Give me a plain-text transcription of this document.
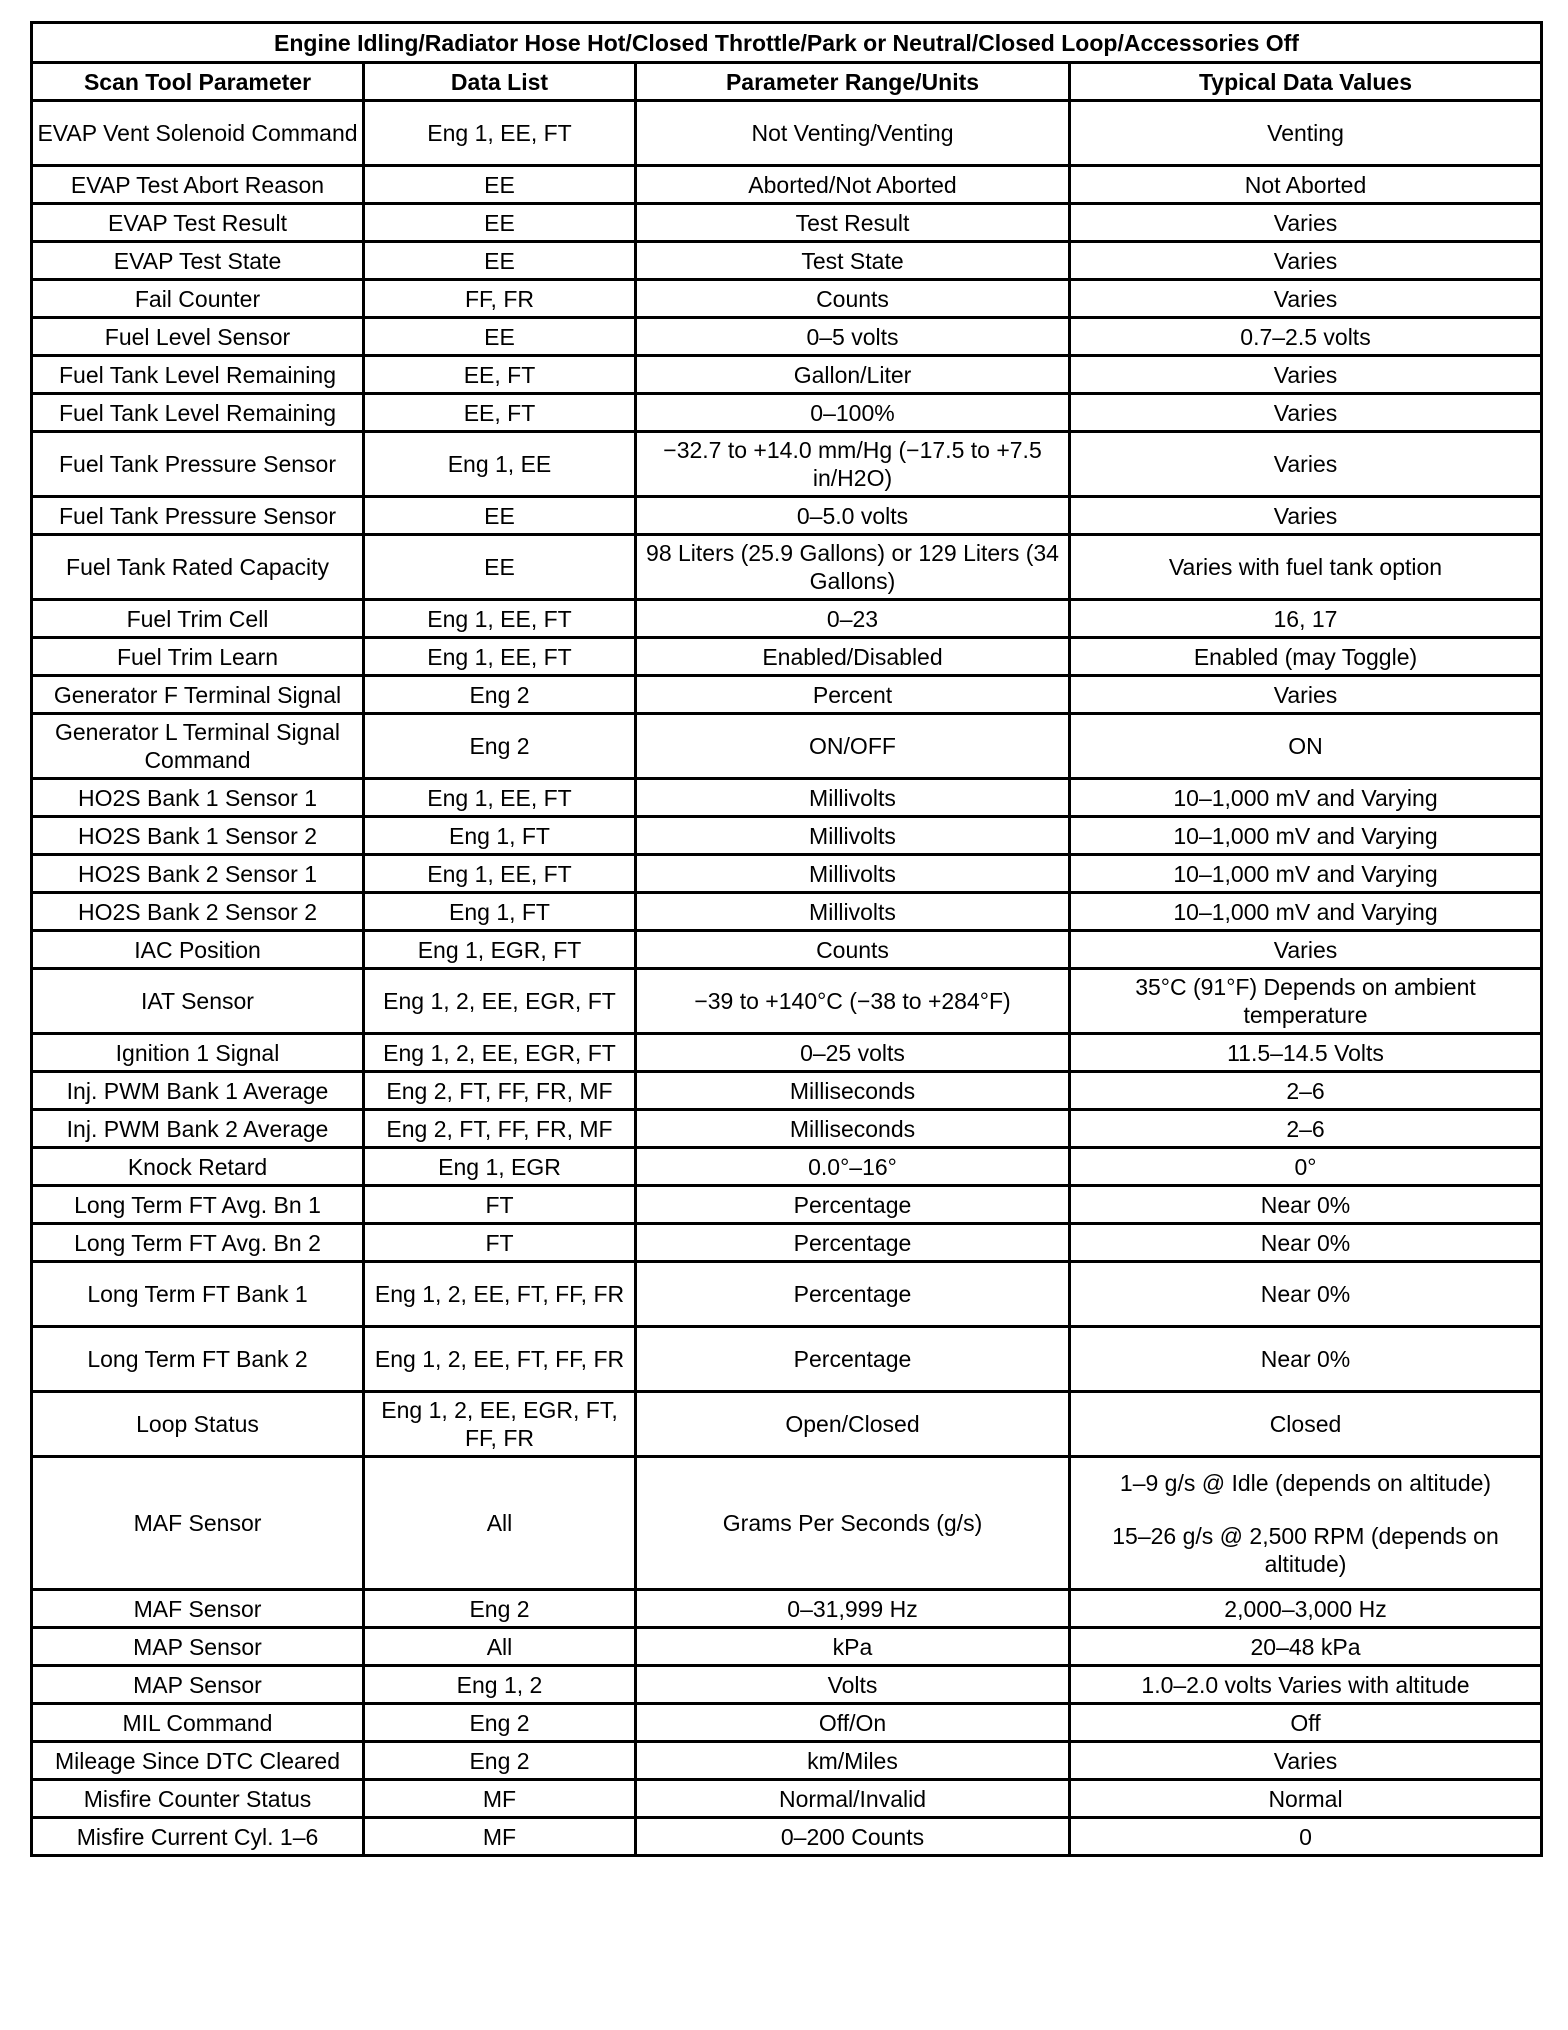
Engine Idling/Radiator Hose Hot/Closed Throttle/Park or Neutral/Closed Loop/Accessories Off			
Scan Tool Parameter	Data List	Parameter Range/Units	Typical Data Values
EVAP Vent Solenoid Command	Eng 1, EE, FT	Not Venting/Venting	Venting
EVAP Test Abort Reason	EE	Aborted/Not Aborted	Not Aborted
EVAP Test Result	EE	Test Result	Varies
EVAP Test State	EE	Test State	Varies
Fail Counter	FF, FR	Counts	Varies
Fuel Level Sensor	EE	0–5 volts	0.7–2.5 volts
Fuel Tank Level Remaining	EE, FT	Gallon/Liter	Varies
Fuel Tank Level Remaining	EE, FT	0–100%	Varies
Fuel Tank Pressure Sensor	Eng 1, EE	−32.7 to +14.0 mm/Hg (−17.5 to +7.5 in/H2O)	Varies
Fuel Tank Pressure Sensor	EE	0–5.0 volts	Varies
Fuel Tank Rated Capacity	EE	98 Liters (25.9 Gallons) or 129 Liters (34 Gallons)	Varies with fuel tank option
Fuel Trim Cell	Eng 1, EE, FT	0–23	16, 17
Fuel Trim Learn	Eng 1, EE, FT	Enabled/Disabled	Enabled (may Toggle)
Generator F Terminal Signal	Eng 2	Percent	Varies
Generator L Terminal Signal Command	Eng 2	ON/OFF	ON
HO2S Bank 1 Sensor 1	Eng 1, EE, FT	Millivolts	10–1,000 mV and Varying
HO2S Bank 1 Sensor 2	Eng 1, FT	Millivolts	10–1,000 mV and Varying
HO2S Bank 2 Sensor 1	Eng 1, EE, FT	Millivolts	10–1,000 mV and Varying
HO2S Bank 2 Sensor 2	Eng 1, FT	Millivolts	10–1,000 mV and Varying
IAC Position	Eng 1, EGR, FT	Counts	Varies
IAT Sensor	Eng 1, 2, EE, EGR, FT	−39 to +140°C (−38 to +284°F)	35°C (91°F) Depends on ambient temperature
Ignition 1 Signal	Eng 1, 2, EE, EGR, FT	0–25 volts	11.5–14.5 Volts
Inj. PWM Bank 1 Average	Eng 2, FT, FF, FR, MF	Milliseconds	2–6
Inj. PWM Bank 2 Average	Eng 2, FT, FF, FR, MF	Milliseconds	2–6
Knock Retard	Eng 1, EGR	0.0°–16°	0°
Long Term FT Avg. Bn 1	FT	Percentage	Near 0%
Long Term FT Avg. Bn 2	FT	Percentage	Near 0%
Long Term FT Bank 1	Eng 1, 2, EE, FT, FF, FR	Percentage	Near 0%
Long Term FT Bank 2	Eng 1, 2, EE, FT, FF, FR	Percentage	Near 0%
Loop Status	Eng 1, 2, EE, EGR, FT, FF, FR	Open/Closed	Closed
MAF Sensor	All	Grams Per Seconds (g/s)	1–9 g/s @ Idle (depends on altitude)
15–26 g/s @ 2,500 RPM (depends on altitude)

MAF Sensor	Eng 2	0–31,999 Hz	2,000–3,000 Hz
MAP Sensor	All	kPa	20–48 kPa
MAP Sensor	Eng 1, 2	Volts	1.0–2.0 volts Varies with altitude
MIL Command	Eng 2	Off/On	Off
Mileage Since DTC Cleared	Eng 2	km/Miles	Varies
Misfire Counter Status	MF	Normal/Invalid	Normal
Misfire Current Cyl. 1–6	MF	0–200 Counts	0
